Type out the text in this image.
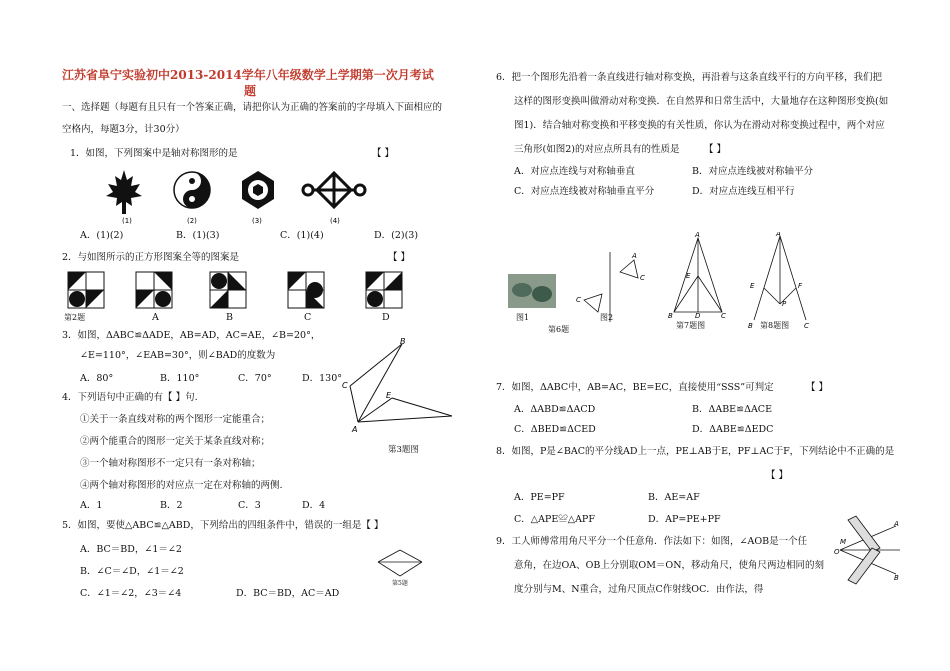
江苏省阜宁实验初中2013-2014学年八年级数学上学期第一次月考试
题
一、选择题（每题有且只有一个答案正确，请把你认为正确的答案前的字母填入下面相应的
空格内，每题3分，计30分）
1．如图，下列图案中是轴对称图形的是	【 】
(1)	(2)	(3)	(4)
A．(1)(2)	B．(1)(3)	C．(1)(4)	D．(2)(3)
2．与如图所示的正方形图案全等的图案是	【 】
第2题	A	B	C	D
3．如图，ΔABC≌ΔADE，AB=AD，AC=AE，∠B=20°，
∠E=110°，∠EAB=30°，则∠BAD的度数为
A．80°	B．110°	C．70°	D．130°
B
C
E
A
第3题图
4．下列语句中正确的有【 】句.
①关于一条直线对称的两个图形一定能重合；
②两个能重合的图形一定关于某条直线对称；
③一个轴对称图形不一定只有一条对称轴；
④两个轴对称图形的对应点一定在对称轴的两侧.
A．1	B．2	C．3	D．4
5．如图，要使△ABC≌△ABD，下列给出的四组条件中，错误的一组是【 】
A．BC＝BD，∠1＝∠2
B．∠C＝∠D，∠1＝∠2
C．∠1＝∠2，∠3＝∠4	D．BC＝BD，AC＝AD
第5题
6．把一个图形先沿着一条直线进行轴对称变换，再沿着与这条直线平行的方向平移，我们把
这样的图形变换叫做滑动对称变换．在自然界和日常生活中，大量地存在这种图形变换(如
图1)．结合轴对称变换和平移变换的有关性质，你认为在滑动对称变换过程中，两个对应
三角形(如图2)的对应点所具有的性质是	【 】
A．对应点连线与对称轴垂直	B．对应点连线被对称轴平分
C．对应点连线被对称轴垂直平分	D．对应点连线互相平行
C
A
C
A
E
B	D	C
A
E	F
P
B	C
图1	图2
第6题	第7题图	第8题图
7．如图，ΔABC中，AB=AC，BE=EC，直接使用“SSS”可判定	【 】
A．ΔABD≌ΔACD	B．ΔABE≌ΔACE
C．ΔBED≌ΔCED	D．ΔABE≌ΔEDC
8．如图，P是∠BAC的平分线AD上一点，PE⊥AB于E，PF⊥AC于F，下列结论中不正确的是
【 】
A．PE=PF	B．AE=AF
C．△APE≌△APF	D．AP=PE+PF
9．工人师傅常用角尺平分一个任意角．作法如下：如图，∠AOB是一个任
意角，在边OA、OB上分别取OM＝ON，移动角尺，使角尺两边相同的刻
度分别与M、N重合，过角尺顶点C作射线OC．由作法，得
A
M
O
B
